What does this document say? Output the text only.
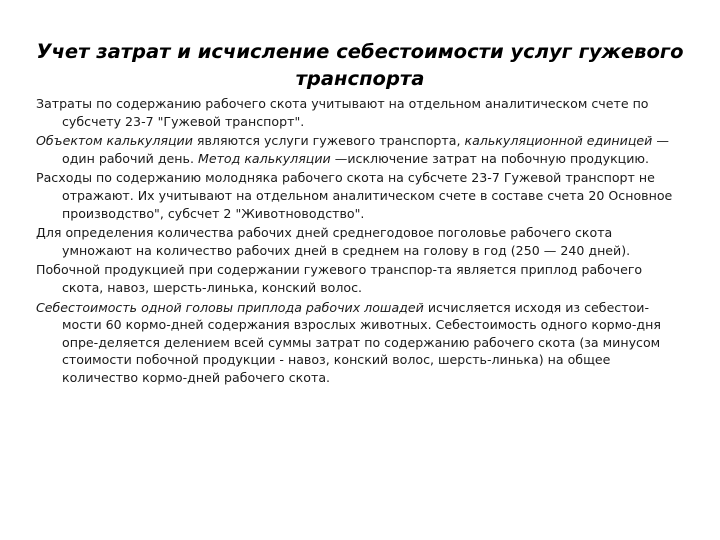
Учет затрат и исчисление себестоимости услуг гужевого транспорта

Затраты по содержанию рабочего скота учитывают на отдельном аналитическом счете по субсчету 23-7 "Гужевой транспорт".

Объектом калькуляции являются услуги гужевого транспорта, калькуляционной единицей — один рабочий день. Метод калькуляции —исключение затрат на побочную продукцию.

Расходы по содержанию молодняка рабочего скота на субсчете 23-7 Гужевой транспорт не отражают. Их учитывают на отдельном аналитическом счете в составе счета 20 Основное производство", субсчет 2 "Животноводство".

Для определения количества рабочих дней среднегодовое поголовье рабочего скота умножают на количество рабочих дней в среднем на голову в год (250 — 240 дней).

Побочной продукцией при содержании гужевого транспор-та является приплод рабочего скота, навоз, шерсть-линька, конский волос.

Себестоимость одной головы приплода рабочих лошадей исчисляется исходя из себестои-мости 60 кормо-дней содержания взрослых животных. Себестоимость одного кормо-дня опре-деляется делением всей суммы затрат по содержанию рабочего скота (за минусом стоимости побочной продукции - навоз, конский волос, шерсть-линька) на общее количество кормо-дней рабочего скота.
